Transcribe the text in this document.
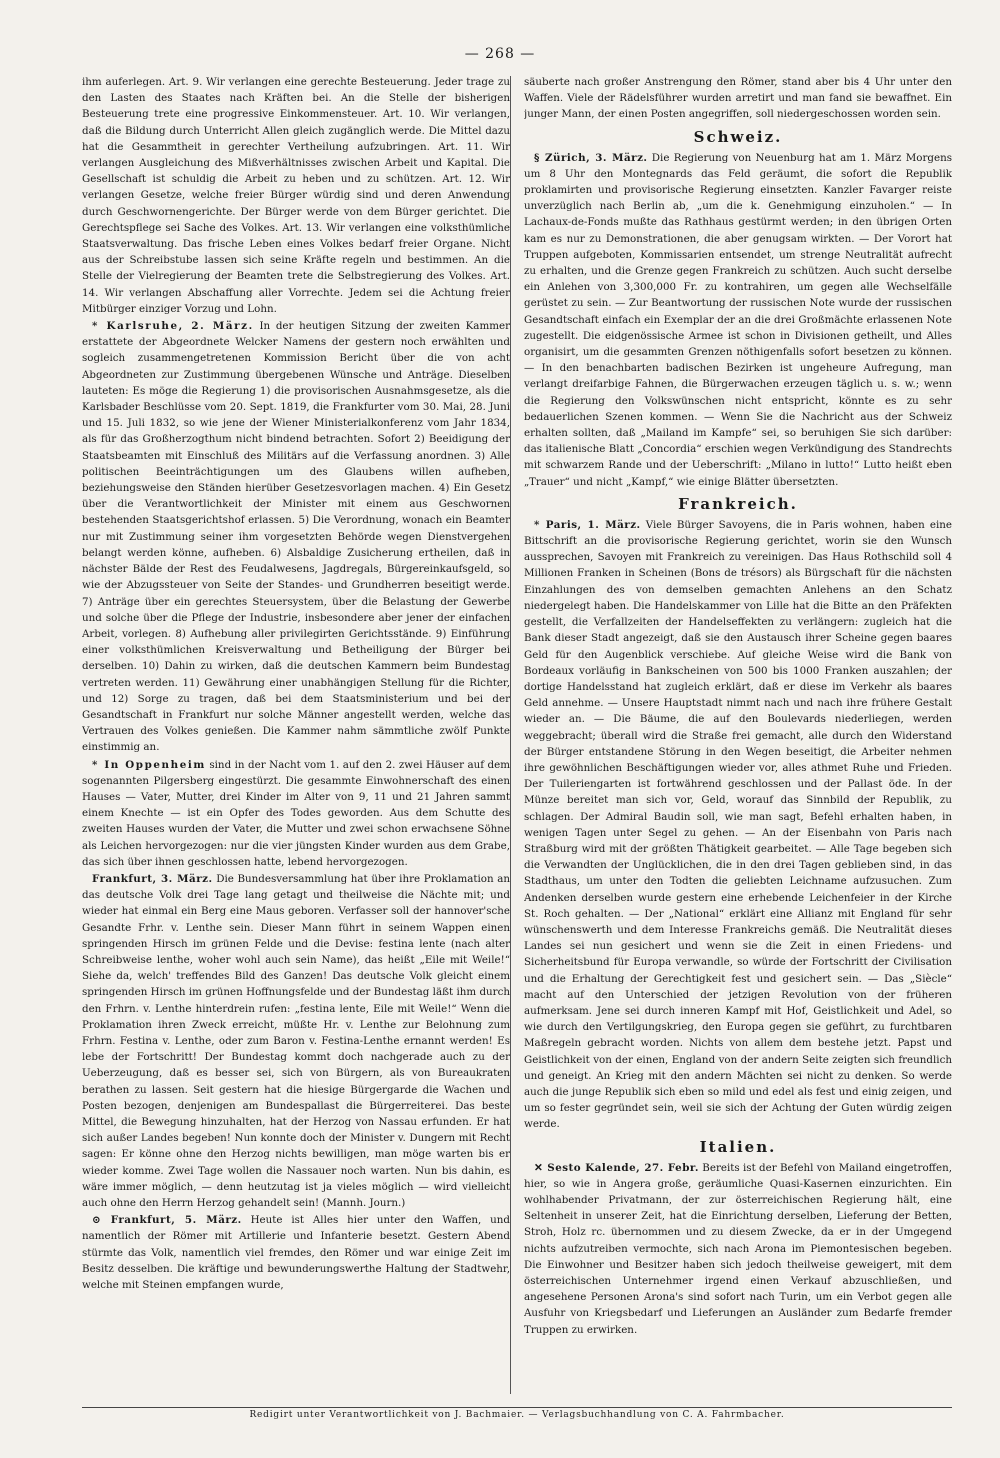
— 268 —

ihm auferlegen. Art. 9. Wir verlangen eine gerechte Besteuerung. Jeder trage zu den Lasten des Staates nach Kräften bei. An die Stelle der bisherigen Besteuerung trete eine progressive Einkommensteuer. Art. 10. Wir verlangen, daß die Bildung durch Unterricht Allen gleich zugänglich werde. Die Mittel dazu hat die Gesammtheit in gerechter Vertheilung aufzubringen. Art. 11. Wir verlangen Ausgleichung des Mißverhältnisses zwischen Arbeit und Kapital. Die Gesellschaft ist schuldig die Arbeit zu heben und zu schützen. Art. 12. Wir verlangen Gesetze, welche freier Bürger würdig sind und deren Anwendung durch Geschwornengerichte. Der Bürger werde von dem Bürger gerichtet. Die Gerechtspflege sei Sache des Volkes. Art. 13. Wir verlangen eine volksthümliche Staatsverwaltung. Das frische Leben eines Volkes bedarf freier Organe. Nicht aus der Schreibstube lassen sich seine Kräfte regeln und bestimmen. An die Stelle der Vielregierung der Beamten trete die Selbstregierung des Volkes. Art. 14. Wir verlangen Abschaffung aller Vorrechte. Jedem sei die Achtung freier Mitbürger einziger Vorzug und Lohn.

* Karlsruhe, 2. März. In der heutigen Sitzung der zweiten Kammer erstattete der Abgeordnete Welcker Namens der gestern noch erwählten und sogleich zusammengetretenen Kommission Bericht über die von acht Abgeordneten zur Zustimmung übergebenen Wünsche und Anträge. Dieselben lauteten: Es möge die Regierung 1) die provisorischen Ausnahmsgesetze, als die Karlsbader Beschlüsse vom 20. Sept. 1819, die Frankfurter vom 30. Mai, 28. Juni und 15. Juli 1832, so wie jene der Wiener Ministerialkonferenz vom Jahr 1834, als für das Großherzogthum nicht bindend betrachten. Sofort 2) Beeidigung der Staatsbeamten mit Einschluß des Militärs auf die Verfassung anordnen. 3) Alle politischen Beeinträchtigungen um des Glaubens willen aufheben, beziehungsweise den Ständen hierüber Gesetzesvorlagen machen. 4) Ein Gesetz über die Verantwortlichkeit der Minister mit einem aus Geschwornen bestehenden Staatsgerichtshof erlassen. 5) Die Verordnung, wonach ein Beamter nur mit Zustimmung seiner ihm vorgesetzten Behörde wegen Dienstvergehen belangt werden könne, aufheben. 6) Alsbaldige Zusicherung ertheilen, daß in nächster Bälde der Rest des Feudalwesens, Jagdregals, Bürgereinkaufsgeld, so wie der Abzugssteuer von Seite der Standes- und Grundherren beseitigt werde. 7) Anträge über ein gerechtes Steuersystem, über die Belastung der Gewerbe und solche über die Pflege der Industrie, insbesondere aber jener der einfachen Arbeit, vorlegen. 8) Aufhebung aller privilegirten Gerichtsstände. 9) Einführung einer volksthümlichen Kreisverwaltung und Betheiligung der Bürger bei derselben. 10) Dahin zu wirken, daß die deutschen Kammern beim Bundestag vertreten werden. 11) Gewährung einer unabhängigen Stellung für die Richter, und 12) Sorge zu tragen, daß bei dem Staatsministerium und bei der Gesandtschaft in Frankfurt nur solche Männer angestellt werden, welche das Vertrauen des Volkes genießen. Die Kammer nahm sämmtliche zwölf Punkte einstimmig an.

* In Oppenheim sind in der Nacht vom 1. auf den 2. zwei Häuser auf dem sogenannten Pilgersberg eingestürzt. Die gesammte Einwohnerschaft des einen Hauses — Vater, Mutter, drei Kinder im Alter von 9, 11 und 21 Jahren sammt einem Knechte — ist ein Opfer des Todes geworden. Aus dem Schutte des zweiten Hauses wurden der Vater, die Mutter und zwei schon erwachsene Söhne als Leichen hervorgezogen: nur die vier jüngsten Kinder wurden aus dem Grabe, das sich über ihnen geschlossen hatte, lebend hervorgezogen.

Frankfurt, 3. März. Die Bundesversammlung hat über ihre Proklamation an das deutsche Volk drei Tage lang getagt und theilweise die Nächte mit; und wieder hat einmal ein Berg eine Maus geboren. Verfasser soll der hannover'sche Gesandte Frhr. v. Lenthe sein. Dieser Mann führt in seinem Wappen einen springenden Hirsch im grünen Felde und die Devise: festina lente (nach alter Schreibweise lenthe, woher wohl auch sein Name), das heißt „Eile mit Weile!“ Siehe da, welch' treffendes Bild des Ganzen! Das deutsche Volk gleicht einem springenden Hirsch im grünen Hoffnungsfelde und der Bundestag läßt ihm durch den Frhrn. v. Lenthe hinterdrein rufen: „festina lente, Eile mit Weile!“ Wenn die Proklamation ihren Zweck erreicht, müßte Hr. v. Lenthe zur Belohnung zum Frhrn. Festina v. Lenthe, oder zum Baron v. Festina-Lenthe ernannt werden! Es lebe der Fortschritt! Der Bundestag kommt doch nachgerade auch zu der Ueberzeugung, daß es besser sei, sich von Bürgern, als von Bureaukraten berathen zu lassen. Seit gestern hat die hiesige Bürgergarde die Wachen und Posten bezogen, denjenigen am Bundespallast die Bürgerreiterei. Das beste Mittel, die Bewegung hinzuhalten, hat der Herzog von Nassau erfunden. Er hat sich außer Landes begeben! Nun konnte doch der Minister v. Dungern mit Recht sagen: Er könne ohne den Herzog nichts bewilligen, man möge warten bis er wieder komme. Zwei Tage wollen die Nassauer noch warten. Nun bis dahin, es wäre immer möglich, — denn heutzutag ist ja vieles möglich — wird vielleicht auch ohne den Herrn Herzog gehandelt sein! (Mannh. Journ.)

⊙ Frankfurt, 5. März. Heute ist Alles hier unter den Waffen, und namentlich der Römer mit Artillerie und Infanterie besetzt. Gestern Abend stürmte das Volk, namentlich viel fremdes, den Römer und war einige Zeit im Besitz desselben. Die kräftige und bewunderungswerthe Haltung der Stadtwehr, welche mit Steinen empfangen wurde,

säuberte nach großer Anstrengung den Römer, stand aber bis 4 Uhr unter den Waffen. Viele der Rädelsführer wurden arretirt und man fand sie bewaffnet. Ein junger Mann, der einen Posten angegriffen, soll niedergeschossen worden sein.

Schweiz.

§ Zürich, 3. März. Die Regierung von Neuenburg hat am 1. März Morgens um 8 Uhr den Montegnards das Feld geräumt, die sofort die Republik proklamirten und provisorische Regierung einsetzten. Kanzler Favarger reiste unverzüglich nach Berlin ab, „um die k. Genehmigung einzuholen.“ — In Lachaux-de-Fonds mußte das Rathhaus gestürmt werden; in den übrigen Orten kam es nur zu Demonstrationen, die aber genugsam wirkten. — Der Vorort hat Truppen aufgeboten, Kommissarien entsendet, um strenge Neutralität aufrecht zu erhalten, und die Grenze gegen Frankreich zu schützen. Auch sucht derselbe ein Anlehen von 3,300,000 Fr. zu kontrahiren, um gegen alle Wechselfälle gerüstet zu sein. — Zur Beantwortung der russischen Note wurde der russischen Gesandtschaft einfach ein Exemplar der an die drei Großmächte erlassenen Note zugestellt. Die eidgenössische Armee ist schon in Divisionen getheilt, und Alles organisirt, um die gesammten Grenzen nöthigenfalls sofort besetzen zu können. — In den benachbarten badischen Bezirken ist ungeheure Aufregung, man verlangt dreifarbige Fahnen, die Bürgerwachen erzeugen täglich u. s. w.; wenn die Regierung den Volkswünschen nicht entspricht, könnte es zu sehr bedauerlichen Szenen kommen. — Wenn Sie die Nachricht aus der Schweiz erhalten sollten, daß „Mailand im Kampfe“ sei, so beruhigen Sie sich darüber: das italienische Blatt „Concordia“ erschien wegen Verkündigung des Standrechts mit schwarzem Rande und der Ueberschrift: „Milano in lutto!“ Lutto heißt eben „Trauer“ und nicht „Kampf,“ wie einige Blätter übersetzten.

Frankreich.

* Paris, 1. März. Viele Bürger Savoyens, die in Paris wohnen, haben eine Bittschrift an die provisorische Regierung gerichtet, worin sie den Wunsch aussprechen, Savoyen mit Frankreich zu vereinigen. Das Haus Rothschild soll 4 Millionen Franken in Scheinen (Bons de trésors) als Bürgschaft für die nächsten Einzahlungen des von demselben gemachten Anlehens an den Schatz niedergelegt haben. Die Handelskammer von Lille hat die Bitte an den Präfekten gestellt, die Verfallzeiten der Handelseffekten zu verlängern: zugleich hat die Bank dieser Stadt angezeigt, daß sie den Austausch ihrer Scheine gegen baares Geld für den Augenblick verschiebe. Auf gleiche Weise wird die Bank von Bordeaux vorläufig in Bankscheinen von 500 bis 1000 Franken auszahlen; der dortige Handelsstand hat zugleich erklärt, daß er diese im Verkehr als baares Geld annehme. — Unsere Hauptstadt nimmt nach und nach ihre frühere Gestalt wieder an. — Die Bäume, die auf den Boulevards niederliegen, werden weggebracht; überall wird die Straße frei gemacht, alle durch den Widerstand der Bürger entstandene Störung in den Wegen beseitigt, die Arbeiter nehmen ihre gewöhnlichen Beschäftigungen wieder vor, alles athmet Ruhe und Frieden. Der Tuileriengarten ist fortwährend geschlossen und der Pallast öde. In der Münze bereitet man sich vor, Geld, worauf das Sinnbild der Republik, zu schlagen. Der Admiral Baudin soll, wie man sagt, Befehl erhalten haben, in wenigen Tagen unter Segel zu gehen. — An der Eisenbahn von Paris nach Straßburg wird mit der größten Thätigkeit gearbeitet. — Alle Tage begeben sich die Verwandten der Unglücklichen, die in den drei Tagen geblieben sind, in das Stadthaus, um unter den Todten die geliebten Leichname aufzusuchen. Zum Andenken derselben wurde gestern eine erhebende Leichenfeier in der Kirche St. Roch gehalten. — Der „National“ erklärt eine Allianz mit England für sehr wünschenswerth und dem Interesse Frankreichs gemäß. Die Neutralität dieses Landes sei nun gesichert und wenn sie die Zeit in einen Friedens- und Sicherheitsbund für Europa verwandle, so würde der Fortschritt der Civilisation und die Erhaltung der Gerechtigkeit fest und gesichert sein. — Das „Siècle“ macht auf den Unterschied der jetzigen Revolution von der früheren aufmerksam. Jene sei durch inneren Kampf mit Hof, Geistlichkeit und Adel, so wie durch den Vertilgungskrieg, den Europa gegen sie geführt, zu furchtbaren Maßregeln gebracht worden. Nichts von allem dem bestehe jetzt. Papst und Geistlichkeit von der einen, England von der andern Seite zeigten sich freundlich und geneigt. An Krieg mit den andern Mächten sei nicht zu denken. So werde auch die junge Republik sich eben so mild und edel als fest und einig zeigen, und um so fester gegründet sein, weil sie sich der Achtung der Guten würdig zeigen werde.

Italien.

✕ Sesto Kalende, 27. Febr. Bereits ist der Befehl von Mailand eingetroffen, hier, so wie in Angera große, geräumliche Quasi-Kasernen einzurichten. Ein wohlhabender Privatmann, der zur österreichischen Regierung hält, eine Seltenheit in unserer Zeit, hat die Einrichtung derselben, Lieferung der Betten, Stroh, Holz rc. übernommen und zu diesem Zwecke, da er in der Umgegend nichts aufzutreiben vermochte, sich nach Arona im Piemontesischen begeben. Die Einwohner und Besitzer haben sich jedoch theilweise geweigert, mit dem österreichischen Unternehmer irgend einen Verkauf abzuschließen, und angesehene Personen Arona's sind sofort nach Turin, um ein Verbot gegen alle Ausfuhr von Kriegsbedarf und Lieferungen an Ausländer zum Bedarfe fremder Truppen zu erwirken.

Redigirt unter Verantwortlichkeit von J. Bachmaier. — Verlagsbuchhandlung von C. A. Fahrmbacher.
